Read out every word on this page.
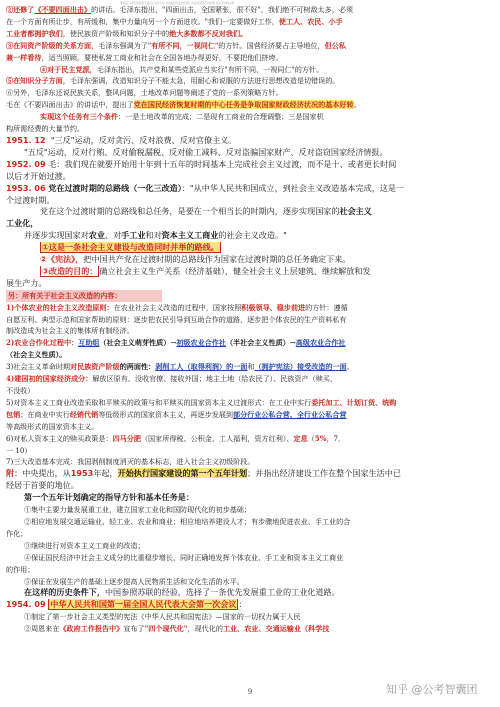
要保证对经济健康平稳运行的作用 加强经济监测预警 完善宏观经济政策 强化政策协调

②还修了《不要四面出击》的讲话。毛泽东指出，"四面出击，全国紧张，很不好"，我们绝不可树敌太多，必须

在一个方面有所让步，有所缓和，集中力量向另一个方面进攻。"我们一定要做好工作，使工人、农民、小手

工业者都拥护我们，使民族资产阶级和知识分子中的绝大多数都不反对我们。

③在同资产阶级的关系方面，毛泽东强调为了"有所不同，一视同仁"的方针。国营经济要占主导地位，但公私

兼一样看待，适当照顾。要使私营工商业和社会在全国各地办得更好，不要把他们挤垮。

④对于民主党派，毛泽东指出，共产党和某些党派应当实行"有所不同，一视同仁"的方针。

⑤在知识分子方面，毛泽东强调，改造知识分子不能太急，用耐心和说服的方法进行思想改造是切错误的。

⑥另外，毛泽东还说民族关系，整风问题，土地改革问题等阐述了党的一系列策略方针。

毛在《不要四面出击》的讲话中，提出了党在国民经济恢复时期的中心任务是争取国家财政经济状况的基本好转。

实现这个任务有三个条件：一是土地改革的完成；二是现有工商业的合理调整；三是国家机

构所需经费的大量节约。

1951. 12 "三反"运动，反对贪污、反对浪费、反对官僚主义。

"五反"运动，反对行贿、反对偷税漏税、反对偷工减料、反对盗骗国家财产、反对盗窃国家经济情报。

1952. 09 毛：我们现在就要开始用十年到十五年的时间基本上完成社会主义过渡，而不是十、或者更长时间

以后才开始过渡。

1953. 06 党在过渡时期的总路线（一化三改造）："从中华人民共和国成立，到社会主义改造基本完成，这是一

个过渡时期。

党在这个过渡时期的总路线和总任务，是要在一个相当长的时期内，逐步实现国家的社会主义

工业化，

并逐步实现国家对农业、对手工业和对资本主义工商业的社会主义改造。"

①这是一条社会主义建设与改造同时并举的路线。

②《宪法》，把中国共产党在过渡时期的总路线作为国家在过渡时期的总任务确定下来。

③改造的目的： 确立社会主义生产关系（经济基础），健全社会主义上层建筑、继续解放和发

展生产力。

另：所有关于社会主义改造的内容：

1)个体农业的社会主义改造原则：在农业社会主义改造的过程中，国家按照积极领导、稳步前进的方针：遵循

自愿互利、典型示范和国家帮助的原则：逐步把农民引导到互助合作的道路，逐步把个体农民的生产资料私有

制改造成为社会主义的集体所有制经济。

2)农业合作化过程中：互助组（社会主义萌芽性质）→初级农业合作社（半社会主义性质）→高级农业合作社

（社会主义性质）。

3)社会主义革命时期对民族资产阶级的两面性：剥削工人（取得利润）的一面和（拥护宪法）接受改造的一面。

4)建国初的国家经济成分：解放区原有、没收官僚、接收外国；地主土地（给农民了）、民族资产（赎买，

不没收）

5)对资本主义工商业改造采取和平赎买的政策与和平赎买的国家资本主义过渡形式：在工业中实行委托加工、计划订货、统购

包销；在商业中实行经销代销等低级形式的国家资本主义，再逐步发展到部分行业公私合营、全行业公私合营

等高级形式的国家资本主义。

6)对私人资本主义的赎买政策是：四马分肥（国家所得税、公积金、工人福利，资方红利）、定息（5%，7．

一 10）

7)三大改造基本完成：我国剥削制度消灭的基本标志，进入社会主义初级阶段。

附：中央提出，从1953年起，开始执行国家建设的第一个五年计划；并指出经济建设工作在整个国家生活中已

经居于首要的地位。

第一个五年计划确定的指导方针和基本任务是：

①集中主要力量发展重工业，建立国家工业化和国防现代化的初步基础；

②相应地发展交通运输业、轻工业、农业和商业；相应地培养建设人才；有步骤地促进农业、手工业的合

作化；

③继续进行对资本主义工商业的改造；

④保证国民经济中社会主义成分的比重稳步增长，同时正确地发挥个体农业、手工业和资本主义工商业

的作用；

⑤保证在发展生产的基础上逐步提高人民物质生活和文化生活的水平。

在这样的历史条件下，中国参照苏联的经验，选择了一条优先发展重工业的工业化道路。

1954. 09 中华人民共和国第一届全国人民代表大会第一次会议 ：

①制定了第一步社会主义类型的宪法《中华人民共和国宪法》—国家的一切权力属于人民

②周恩来在《政府工作报告中》宣布了"四个现代化"，现代化的工业、农业、交通运输业（科学技

9	知乎 @公考智囊团
